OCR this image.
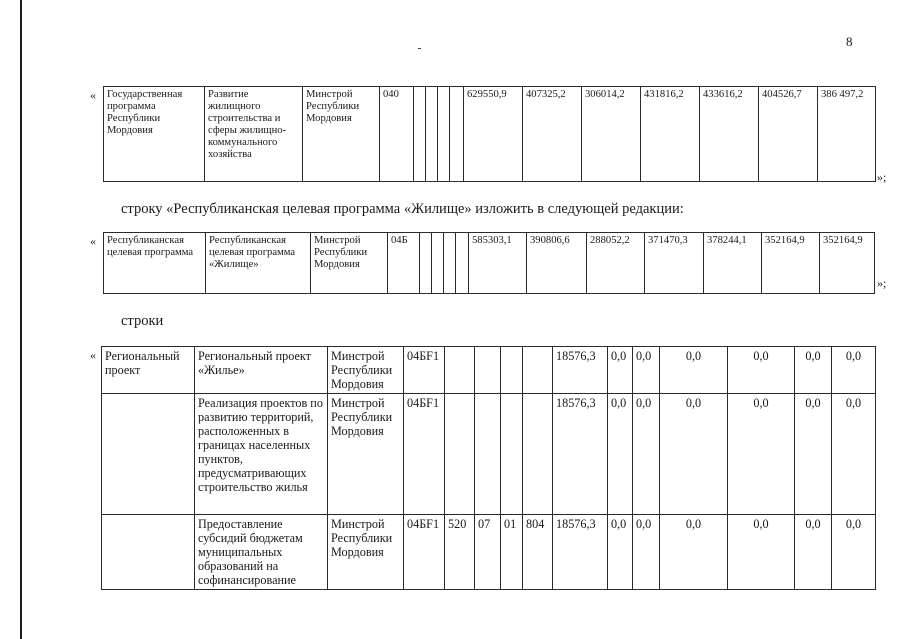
8
« Государственная программа Республики Мордовия	Развитие жилищного строительства и сферы жилищно-коммунального хозяйства	Минстрой Республики Мордовия	040					629550,9	407325,2	306014,2	431816,2	433616,2	404526,7	386 497,2
»;
строку «Республиканская целевая программа «Жилище» изложить в следующей редакции:
« Республиканская целевая программа	Республиканская целевая программа «Жилище»	Минстрой Республики Мордовия	04Б					585303,1	390806,6	288052,2	371470,3	378244,1	352164,9	352164,9
»;
строки
« Региональный проект	Региональный проект «Жилье»	Минстрой Республики Мордовия	04БF1					18576,3	0,0	0,0	0,0	0,0	0,0	0,0
	Реализация проектов по развитию территорий, расположенных в границах населенных пунктов, предусматривающих строительство жилья	Минстрой Республики Мордовия	04БF1					18576,3	0,0	0,0	0,0	0,0	0,0	0,0
	Предоставление субсидий бюджетам муниципальных образований на софинансирование	Минстрой Республики Мордовия	04БF1	520	07	01	804	18576,3	0,0	0,0	0,0	0,0	0,0	0,0
